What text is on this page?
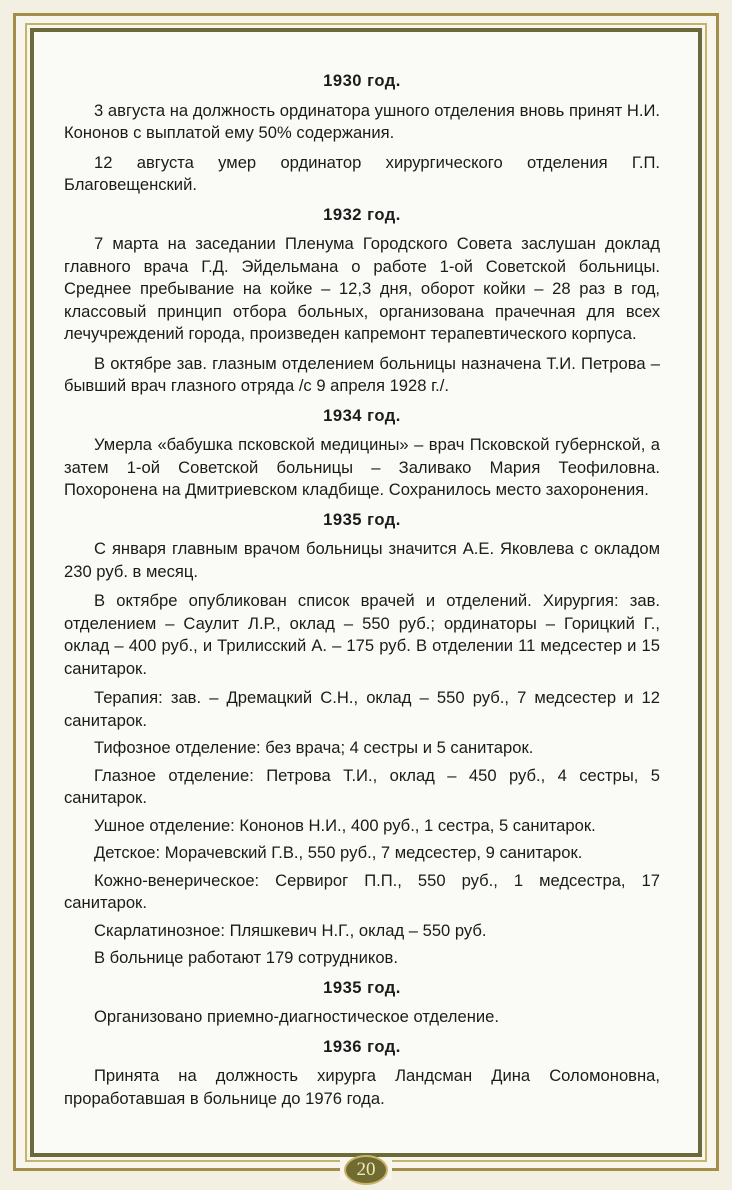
1930 год.

3 августа на должность ординатора ушного отделения вновь принят Н.И. Кононов с выплатой ему 50% содержания.

12 августа умер ординатор хирургического отделения Г.П. Благовещенский.

1932 год.

7 марта на заседании Пленума Городского Совета заслушан доклад главного врача Г.Д. Эйдельмана о работе 1-ой Советской больницы. Среднее пребывание на койке – 12,3 дня, оборот койки – 28 раз в год, классовый принцип отбора больных, организована прачечная для всех лечучреждений города, произведен капремонт терапевтического корпуса.

В октябре зав. глазным отделением больницы назначена Т.И. Петрова – бывший врач глазного отряда /с 9 апреля 1928 г./.

1934 год.

Умерла «бабушка псковской медицины» – врач Псковской губернской, а затем 1-ой Советской больницы – Заливако Мария Теофиловна. Похоронена на Дмитриевском кладбище. Сохранилось место захоронения.

1935 год.

С января главным врачом больницы значится А.Е. Яковлева с окладом 230 руб. в месяц.

В октябре опубликован список врачей и отделений. Хирургия: зав. отделением – Саулит Л.Р., оклад – 550 руб.; ординаторы – Горицкий Г., оклад – 400 руб., и Трилисский А. – 175 руб. В отделении 11 медсестер и 15 санитарок.

Терапия: зав. – Дремацкий С.Н., оклад – 550 руб., 7 медсестер и 12 санитарок.

Тифозное отделение: без врача; 4 сестры и 5 санитарок.

Глазное отделение: Петрова Т.И., оклад – 450 руб., 4 сестры, 5 санитарок.

Ушное отделение: Кононов Н.И., 400 руб., 1 сестра, 5 санитарок.

Детское: Морачевский Г.В., 550 руб., 7 медсестер, 9 санитарок.

Кожно-венерическое: Сервирог П.П., 550 руб., 1 медсестра, 17 санитарок.

Скарлатинозное: Пляшкевич Н.Г., оклад – 550 руб.

В больнице работают 179 сотрудников.

1935 год.

Организовано приемно-диагностическое отделение.

1936 год.

Принята на должность хирурга Ландсман Дина Соломоновна, проработавшая в больнице до 1976 года.

20
